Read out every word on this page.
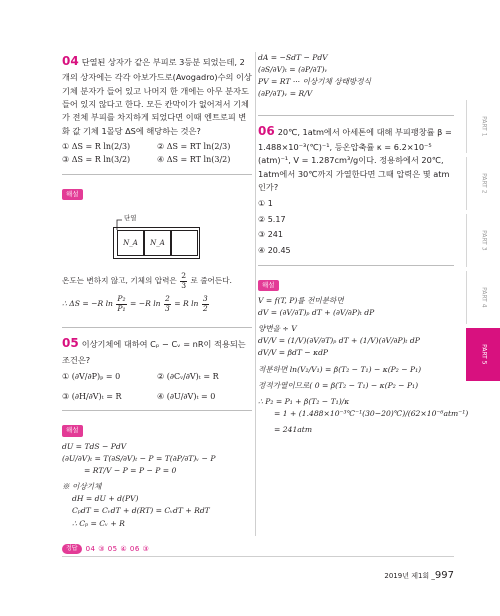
04 단열된 상자가 같은 부피로 3등분 되었는데, 2개의 상자에는 각각 아보가드로(Avogadro)수의 이상기체 분자가 들어 있고 나머지 한 개에는 아무 분자도 들어 있지 않다고 한다. 모든 칸막이가 없어져서 기체가 전체 부피를 차지하게 되었다면 이때 엔트로피 변화 값 기체 1몰당 ΔS에 해당하는 것은?
① ΔS = R ln(2/3)	② ΔS = RT ln(2/3)
③ ΔS = R ln(3/2)	④ ΔS = RT ln(3/2)
해설
단열
N_A	N_A
온도는 변하지 않고, 기체의 압력은 $\frac{2}{3}$ 로 줄어든다.
∴ ΔS = −R $\ln \frac{\text{P₂}}{\text{P₁}} = -R$ $\ln \frac{2}{3} = R$ $\ln \frac{3}{2}$
05 이상기체에 대하여 Cₚ − Cᵥ = nR이 적용되는 조건은?
① (∂V/∂P)ₚ = 0	② (∂Cᵥ/∂V)ₜ = R
③ (∂H/∂V)ₜ = R	④ (∂U/∂V)ₜ = 0
해설
dU = TdS − PdV
(∂U/∂V)ₜ = T(∂S/∂V)ₜ − P = T(∂P/∂T)ᵥ − P
= RT/V − P = P − P = 0
※ 이상기체
dH = dU + d(PV)
CₚdT = CᵥdT + d(RT) = CᵥdT + RdT
∴ Cₚ = Cᵥ + R
dA = −SdT − PdV
(∂S/∂V)ₜ = (∂P/∂T)ᵥ
PV = RT ··· 이상기체 상태방정식
(∂P/∂T)ᵥ = R/V
06 20℃, 1atm에서 아세톤에 대해 부피팽창률 β = 1.488×10⁻³(℃)⁻¹, 등온압축률 κ = 6.2×10⁻⁵ (atm)⁻¹, V = 1.287cm³/g이다. 정용하에서 20℃, 1atm에서 30℃까지 가열한다면 그때 압력은 몇 atm인가?
① 1
② 5.17
③ 241
④ 20.45
해설
V = f(T, P)를 전미분하면
dV = (∂V/∂T)ₚ dT + (∂V/∂P)ₜ dP
양변을 ÷ V
dV/V = (1/V)(∂V/∂T)ₚ dT + (1/V)(∂V/∂P)ₜ dP
dV/V = βdT − κdP
적분하면 ln(V₂/V₁) = β(T₂ − T₁) − κ(P₂ − P₁)
정적가열이므로( 0 = β(T₂ − T₁) − κ(P₂ − P₁)
∴ P₂ = P₁ + β(T₂ − T₁)/κ
= 1 + (1.488×10⁻³℃⁻¹(30−20)℃)/(62×10⁻⁶atm⁻¹)
= 241atm
정답	04 ③ 05 ④ 06 ③
2019년 제1회 _997
PART 1
PART 2
PART 3
PART 4
PART 5
